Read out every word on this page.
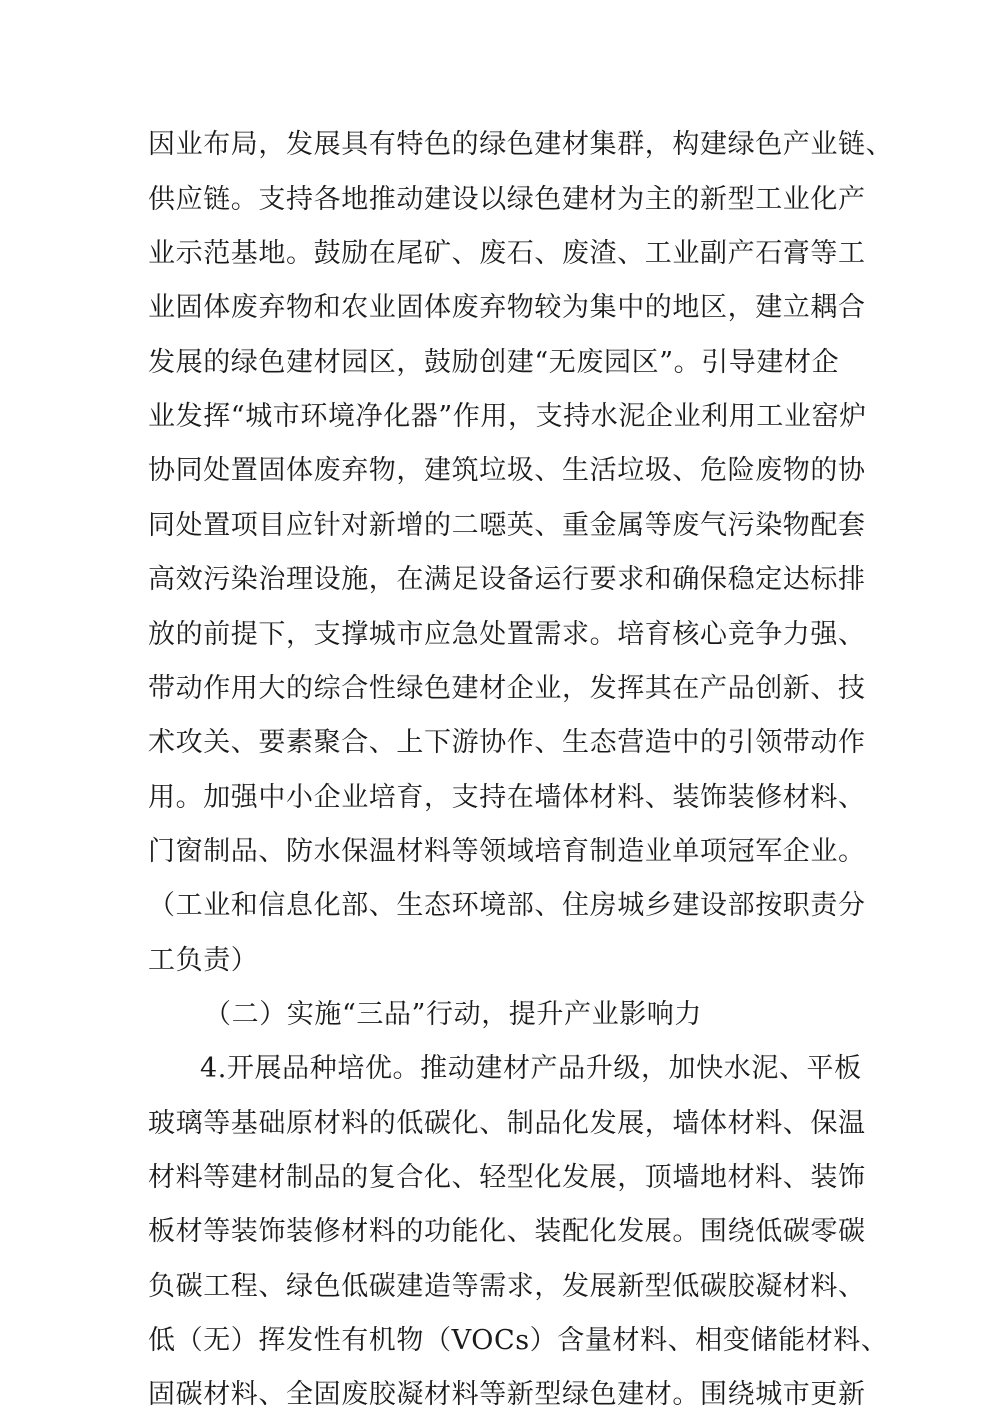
因业布局，发展具有特色的绿色建材集群，构建绿色产业链、
供应链。支持各地推动建设以绿色建材为主的新型工业化产
业示范基地。鼓励在尾矿、废石、废渣、工业副产石膏等工
业固体废弃物和农业固体废弃物较为集中的地区，建立耦合
发展的绿色建材园区，鼓励创建“无废园区”。引导建材企
业发挥“城市环境净化器”作用，支持水泥企业利用工业窑炉
协同处置固体废弃物，建筑垃圾、生活垃圾、危险废物的协
同处置项目应针对新增的二噁英、重金属等废气污染物配套
高效污染治理设施，在满足设备运行要求和确保稳定达标排
放的前提下，支撑城市应急处置需求。培育核心竞争力强、
带动作用大的综合性绿色建材企业，发挥其在产品创新、技
术攻关、要素聚合、上下游协作、生态营造中的引领带动作
用。加强中小企业培育，支持在墙体材料、装饰装修材料、
门窗制品、防水保温材料等领域培育制造业单项冠军企业。
（工业和信息化部、生态环境部、住房城乡建设部按职责分
工负责）
（二）实施“三品”行动，提升产业影响力
4.开展品种培优。推动建材产品升级，加快水泥、平板
玻璃等基础原材料的低碳化、制品化发展，墙体材料、保温
材料等建材制品的复合化、轻型化发展，顶墙地材料、装饰
板材等装饰装修材料的功能化、装配化发展。围绕低碳零碳
负碳工程、绿色低碳建造等需求，发展新型低碳胶凝材料、
低（无）挥发性有机物（VOCs）含量材料、相变储能材料、
固碳材料、全固废胶凝材料等新型绿色建材。围绕城市更新
